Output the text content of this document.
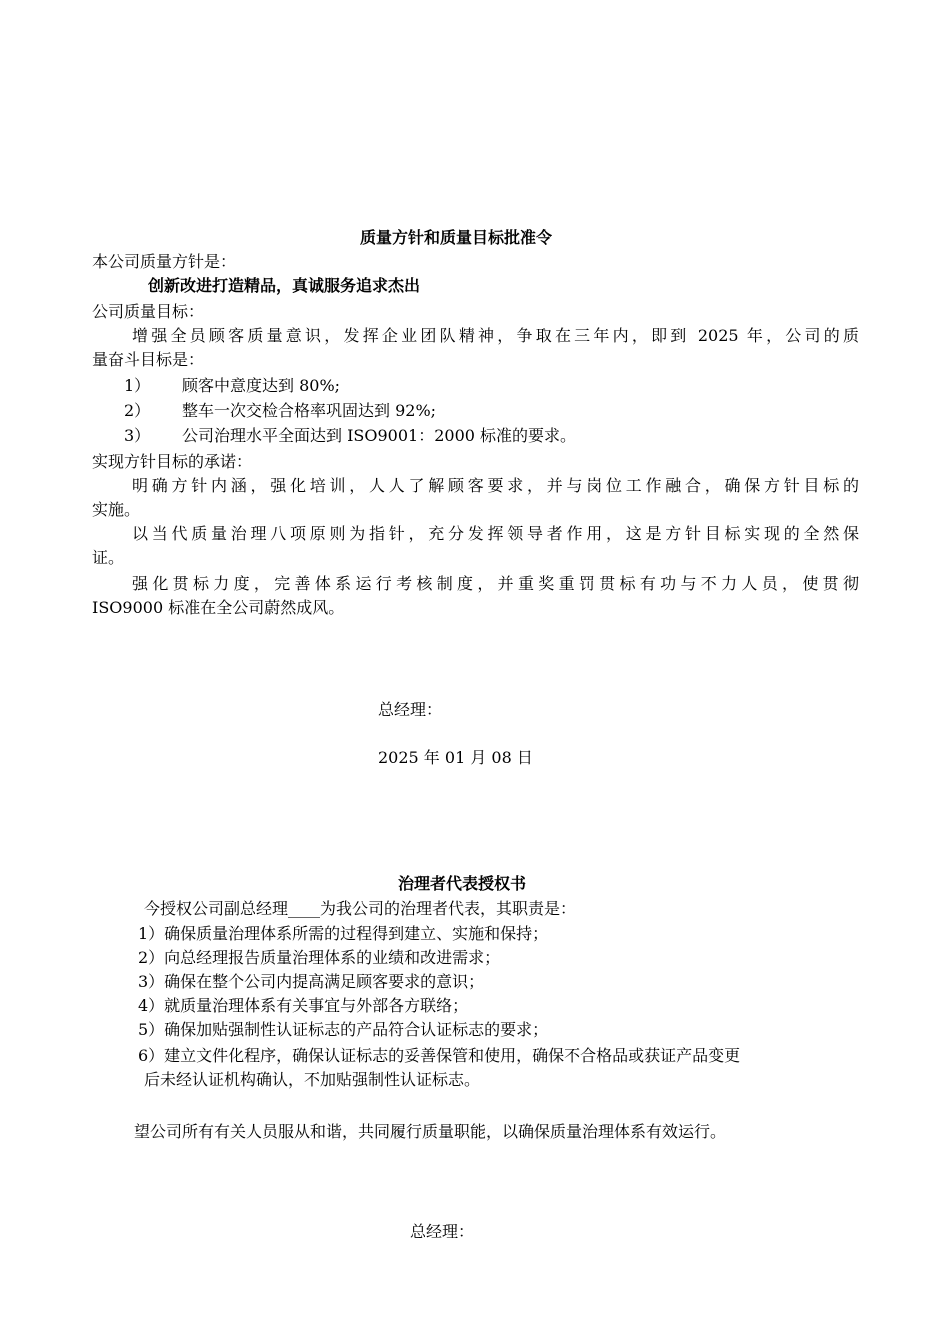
质量方针和质量目标批准令
本公司质量方针是：
创新改进打造精品，真诚服务追求杰出
公司质量目标：
增强全员顾客质量意识，发挥企业团队精神，争取在三年内，即到 2025 年，公司的质
量奋斗目标是：
1） 顾客中意度达到 80%;
2） 整车一次交检合格率巩固达到 92%;
3） 公司治理水平全面达到 ISO9001：2000 标准的要求。
实现方针目标的承诺：
明确方针内涵，强化培训，人人了解顾客要求，并与岗位工作融合，确保方针目标的
实施。
以当代质量治理八项原则为指针，充分发挥领导者作用，这是方针目标实现的全然保
证。
强化贯标力度，完善体系运行考核制度，并重奖重罚贯标有功与不力人员，使贯彻
ISO9000 标准在全公司蔚然成风。
总经理：
2025 年 01 月 08 日
治理者代表授权书
今授权公司副总经理____为我公司的治理者代表，其职责是：
1）确保质量治理体系所需的过程得到建立、实施和保持；
2）向总经理报告质量治理体系的业绩和改进需求；
3）确保在整个公司内提高满足顾客要求的意识；
4）就质量治理体系有关事宜与外部各方联络；
5）确保加贴强制性认证标志的产品符合认证标志的要求；
6）建立文件化程序，确保认证标志的妥善保管和使用，确保不合格品或获证产品变更
后未经认证机构确认，不加贴强制性认证标志。
望公司所有有关人员服从和谐，共同履行质量职能，以确保质量治理体系有效运行。
总经理：
